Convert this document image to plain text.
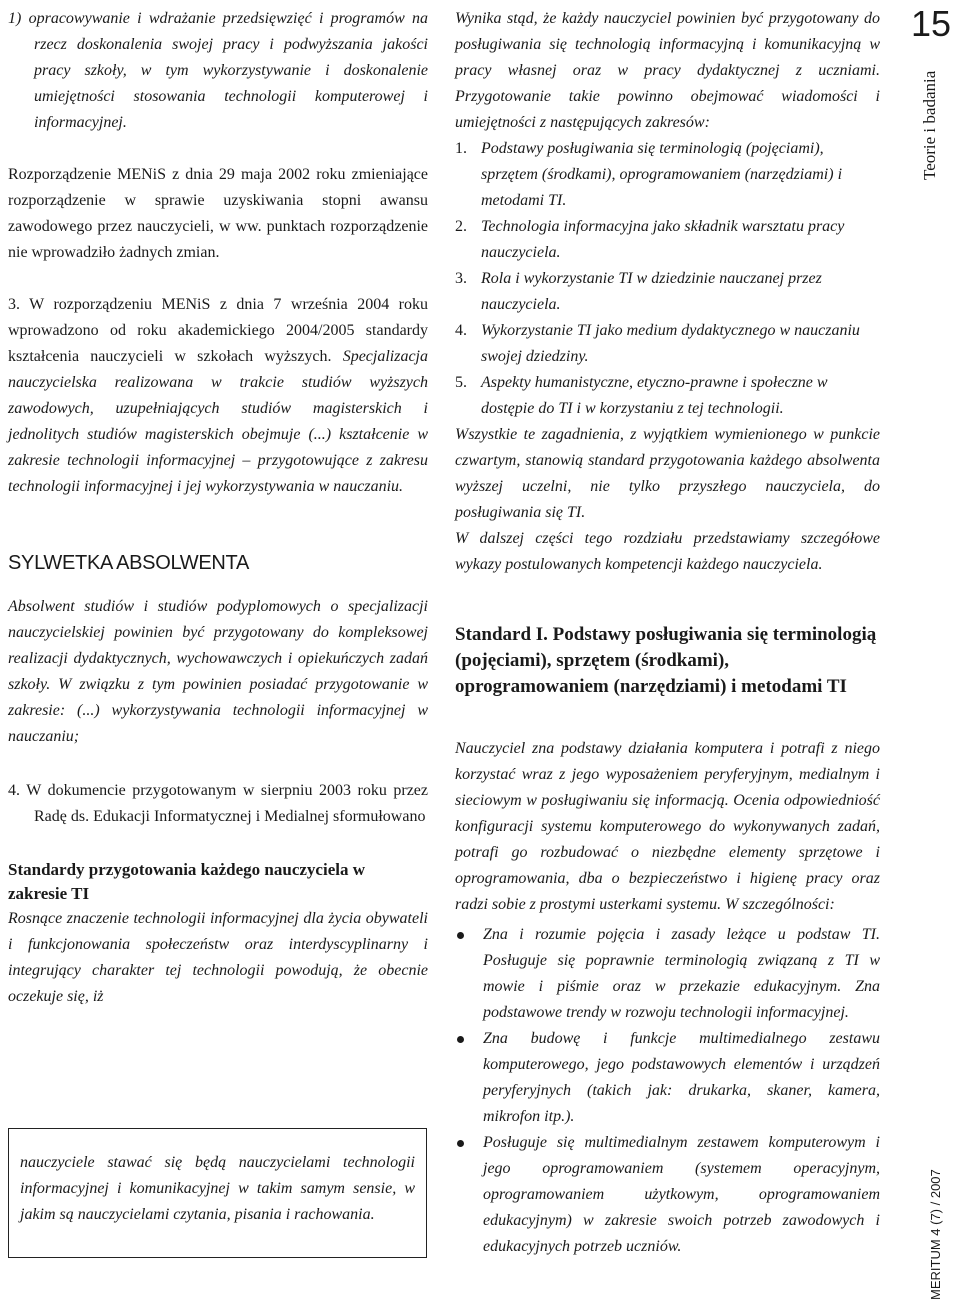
15
Teorie i badania
MERITUM 4 (7) / 2007

1) opracowywanie i wdrażanie przedsięwzięć i programów na rzecz doskonalenia swojej pracy i podwyższania jakości pracy szkoły, w tym wykorzystywanie i doskonalenie umiejętności stosowania technologii komputerowej i informacyjnej.

Rozporządzenie MENiS z dnia 29 maja 2002 roku zmieniające rozporządzenie w sprawie uzyskiwania stopni awansu zawodowego przez nauczycieli, w ww. punktach rozporządzenie nie wprowadziło żadnych zmian.

3. W rozporządzeniu MENiS z dnia 7 września 2004 roku wprowadzono od roku akademickiego 2004/2005 standardy kształcenia nauczycieli w szkołach wyższych. Specjalizacja nauczycielska realizowana w trakcie studiów wyższych zawodowych, uzupełniających studiów magisterskich i jednolitych studiów magisterskich obejmuje (...) kształcenie w zakresie technologii informacyjnej – przygotowujące z zakresu technologii informacyjnej i jej wykorzystywania w nauczaniu.

SYLWETKA ABSOLWENTA

Absolwent studiów i studiów podyplomowych o specjalizacji nauczycielskiej powinien być przygotowany do kompleksowej realizacji dydaktycznych, wychowawczych i opiekuńczych zadań szkoły. W związku z tym powinien posiadać przygotowanie w zakresie: (...) wykorzystywania technologii informacyjnej w nauczaniu;

4. W dokumencie przygotowanym w sierpniu 2003 roku przez Radę ds. Edukacji Informatycznej i Medialnej sformułowano

Standardy przygotowania każdego nauczyciela w zakresie TI

Rosnące znaczenie technologii informacyjnej dla życia obywateli i funkcjonowania społeczeństw oraz interdyscyplinarny i integrujący charakter tej technologii powodują, że obecnie oczekuje się, iż

nauczyciele stawać się będą nauczycielami technologii informacyjnej i komunikacyjnej w takim samym sensie, w jakim są nauczycielami czytania, pisania i rachowania.

Wynika stąd, że każdy nauczyciel powinien być przygotowany do posługiwania się technologią informacyjną i komunikacyjną w pracy własnej oraz w pracy dydaktycznej z uczniami. Przygotowanie takie powinno obejmować wiadomości i umiejętności z następujących zakresów:

1. Podstawy posługiwania się terminologią (pojęciami), sprzętem (środkami), oprogramowaniem (narzędziami) i metodami TI.
2. Technologia informacyjna jako składnik warsztatu pracy nauczyciela.
3. Rola i wykorzystanie TI w dziedzinie nauczanej przez nauczyciela.
4. Wykorzystanie TI jako medium dydaktycznego w nauczaniu swojej dziedziny.
5. Aspekty humanistyczne, etyczno-prawne i społeczne w dostępie do TI i w korzystaniu z tej technologii.

Wszystkie te zagadnienia, z wyjątkiem wymienionego w punkcie czwartym, stanowią standard przygotowania każdego absolwenta wyższej uczelni, nie tylko przyszłego nauczyciela, do posługiwania się TI.

W dalszej części tego rozdziału przedstawiamy szczegółowe wykazy postulowanych kompetencji każdego nauczyciela.

Standard I. Podstawy posługiwania się terminologią (pojęciami), sprzętem (środkami), oprogramowaniem (narzędziami) i metodami TI

Nauczyciel zna podstawy działania komputera i potrafi z niego korzystać wraz z jego wyposażeniem peryferyjnym, medialnym i sieciowym w posługiwaniu się informacją. Ocenia odpowiedniość konfiguracji systemu komputerowego do wykonywanych zadań, potrafi go rozbudować o niezbędne elementy sprzętowe i oprogramowania, dba o bezpieczeństwo i higienę pracy oraz radzi sobie z prostymi usterkami systemu. W szczególności:

Zna i rozumie pojęcia i zasady leżące u podstaw TI. Posługuje się poprawnie terminologią związaną z TI w mowie i piśmie oraz w przekazie edukacyjnym. Zna podstawowe trendy w rozwoju technologii informacyjnej.
Zna budowę i funkcje multimedialnego zestawu komputerowego, jego podstawowych elementów i urządzeń peryferyjnych (takich jak: drukarka, skaner, kamera, mikrofon itp.).
Posługuje się multimedialnym zestawem komputerowym i jego oprogramowaniem (systemem operacyjnym, oprogramowaniem użytkowym, oprogramowaniem edukacyjnym) w zakresie swoich potrzeb zawodowych i edukacyjnych potrzeb uczniów.
